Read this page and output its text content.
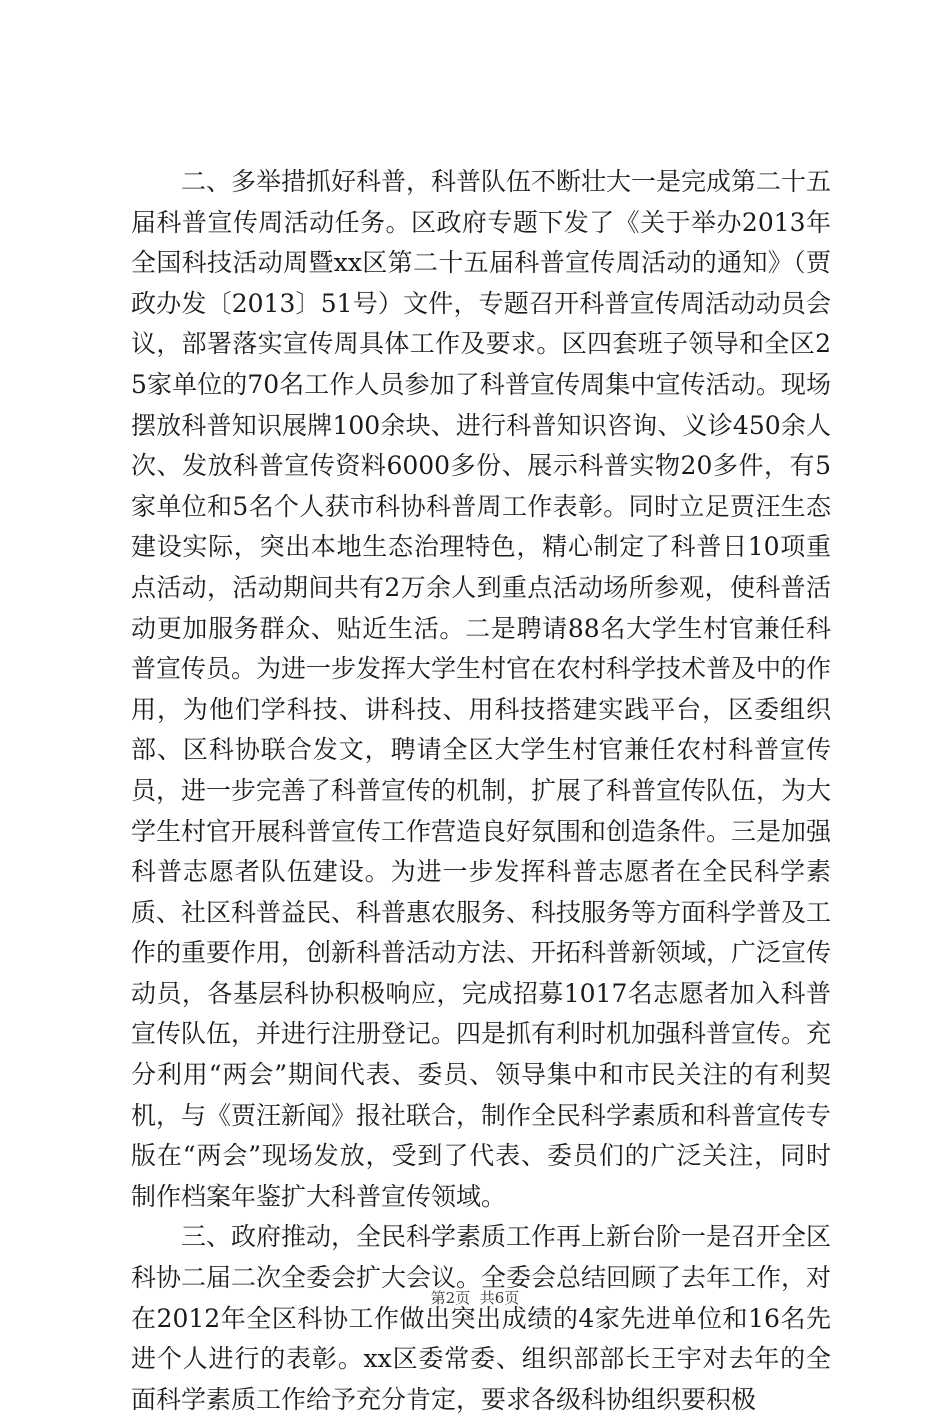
二、多举措抓好科普，科普队伍不断壮大一是完成第二十五届科普宣传周活动任务。区政府专题下发了《关于举办2013年全国科技活动周暨xx区第二十五届科普宣传周活动的通知》（贾政办发〔2013〕51号）文件，专题召开科普宣传周活动动员会议，部署落实宣传周具体工作及要求。区四套班子领导和全区25家单位的70名工作人员参加了科普宣传周集中宣传活动。现场摆放科普知识展牌100余块、进行科普知识咨询、义诊450余人次、发放科普宣传资料6000多份、展示科普实物20多件，有5家单位和5名个人获市科协科普周工作表彰。同时立足贾汪生态建设实际，突出本地生态治理特色，精心制定了科普日10项重点活动，活动期间共有2万余人到重点活动场所参观，使科普活动更加服务群众、贴近生活。二是聘请88名大学生村官兼任科普宣传员。为进一步发挥大学生村官在农村科学技术普及中的作用，为他们学科技、讲科技、用科技搭建实践平台，区委组织部、区科协联合发文，聘请全区大学生村官兼任农村科普宣传员，进一步完善了科普宣传的机制，扩展了科普宣传队伍，为大学生村官开展科普宣传工作营造良好氛围和创造条件。三是加强科普志愿者队伍建设。为进一步发挥科普志愿者在全民科学素质、社区科普益民、科普惠农服务、科技服务等方面科学普及工作的重要作用，创新科普活动方法、开拓科普新领域，广泛宣传动员，各基层科协积极响应，完成招募1017名志愿者加入科普宣传队伍，并进行注册登记。四是抓有利时机加强科普宣传。充分利用“两会”期间代表、委员、领导集中和市民关注的有利契机，与《贾汪新闻》报社联合，制作全民科学素质和科普宣传专版在“两会”现场发放，受到了代表、委员们的广泛关注，同时制作档案年鉴扩大科普宣传领域。

三、政府推动，全民科学素质工作再上新台阶一是召开全区科协二届二次全委会扩大会议。全委会总结回顾了去年工作，对在2012年全区科协工作做出突出成绩的4家先进单位和16名先进个人进行的表彰。xx区委常委、组织部部长王宇对去年的全面科学素质工作给予充分肯定，要求各级科协组织要积极

第2页 共6页
